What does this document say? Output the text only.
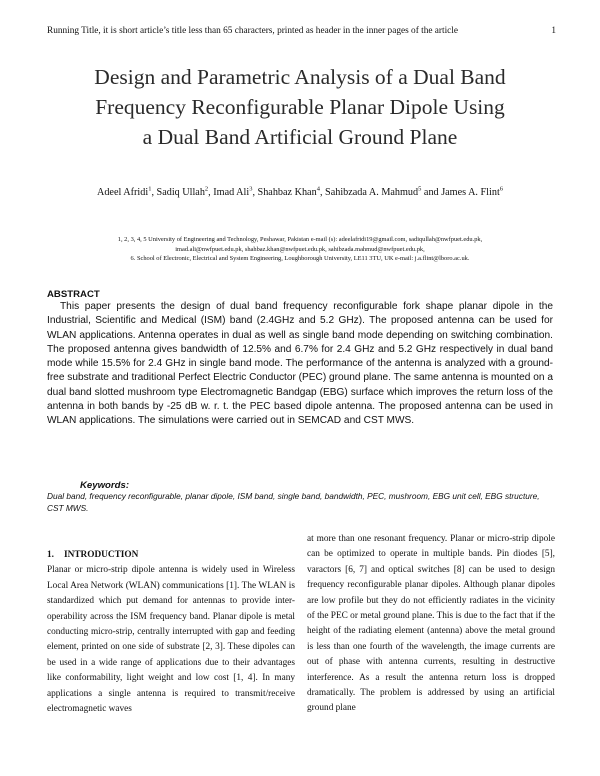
Running Title, it is short article’s title less than 65 characters, printed as header in the inner pages of the article	1
Design and Parametric Analysis of a Dual Band
Frequency Reconfigurable Planar Dipole Using
a Dual Band Artificial Ground Plane
Adeel Afridi$^1$, Sadiq Ullah$^2$, Imad Ali$^3$, Shahbaz Khan$^4$, Sahibzada A. Mahmud$^5$ and James A. Flint$^6$
1, 2, 3, 4, 5 University of Engineering and Technology, Peshawar, Pakistan e-mail (s): adeelafridi19@gmail.com, sadiqullah@nwfpuet.edu.pk,
imad.ali@nwfpuet.edu.pk, shahbaz.khan@nwfpuet.edu.pk, sahibzada.mahmud@nwfpuet.edu.pk,
6. School of Electronic, Electrical and System Engineering, Loughborough University, LE11 3TU, UK e-mail: j.a.flint@lboro.ac.uk.
ABSTRACT

This paper presents the design of dual band frequency reconfigurable fork shape planar dipole in the Industrial, Scientific and Medical (ISM) band (2.4GHz and 5.2 GHz). The proposed antenna can be used for WLAN applications. Antenna operates in dual as well as single band mode depending on switching combination. The proposed antenna gives bandwidth of 12.5% and 6.7% for 2.4 GHz and 5.2 GHz respectively in dual band mode while 15.5% for 2.4 GHz in single band mode. The performance of the antenna is analyzed with a ground-free substrate and traditional Perfect Electric Conductor (PEC) ground plane. The same antenna is mounted on a dual band slotted mushroom type Electromagnetic Bandgap (EBG) surface which improves the return loss of the antenna in both bands by -25 dB w. r. t. the PEC based dipole antenna. The proposed antenna can be used in WLAN applications. The simulations were carried out in SEMCAD and CST MWS.

Keywords:
Dual band, frequency reconfigurable, planar dipole, ISM band, single band, bandwidth, PEC, mushroom, EBG unit cell, EBG structure, CST MWS.
1. INTRODUCTION

Planar or micro-strip dipole antenna is widely used in Wireless Local Area Network (WLAN) communications [1]. The WLAN is standardized which put demand for antennas to provide inter-operability across the ISM frequency band. Planar dipole is metal conducting micro-strip, centrally interrupted with gap and feeding element, printed on one side of substrate [2, 3]. These dipoles can be used in a wide range of applications due to their advantages like conformability, light weight and low cost [1, 4]. In many applications a single antenna is required to transmit/receive electromagnetic waves

at more than one resonant frequency. Planar or micro-strip dipole can be optimized to operate in multiple bands. Pin diodes [5], varactors [6, 7] and optical switches [8] can be used to design frequency reconfigurable planar dipoles. Although planar dipoles are low profile but they do not efficiently radiates in the vicinity of the PEC or metal ground plane. This is due to the fact that if the height of the radiating element (antenna) above the metal ground is less than one fourth of the wavelength, the image currents are out of phase with antenna currents, resulting in destructive interference. As a result the antenna return loss is dropped dramatically. The problem is addressed by using an artificial ground plane
